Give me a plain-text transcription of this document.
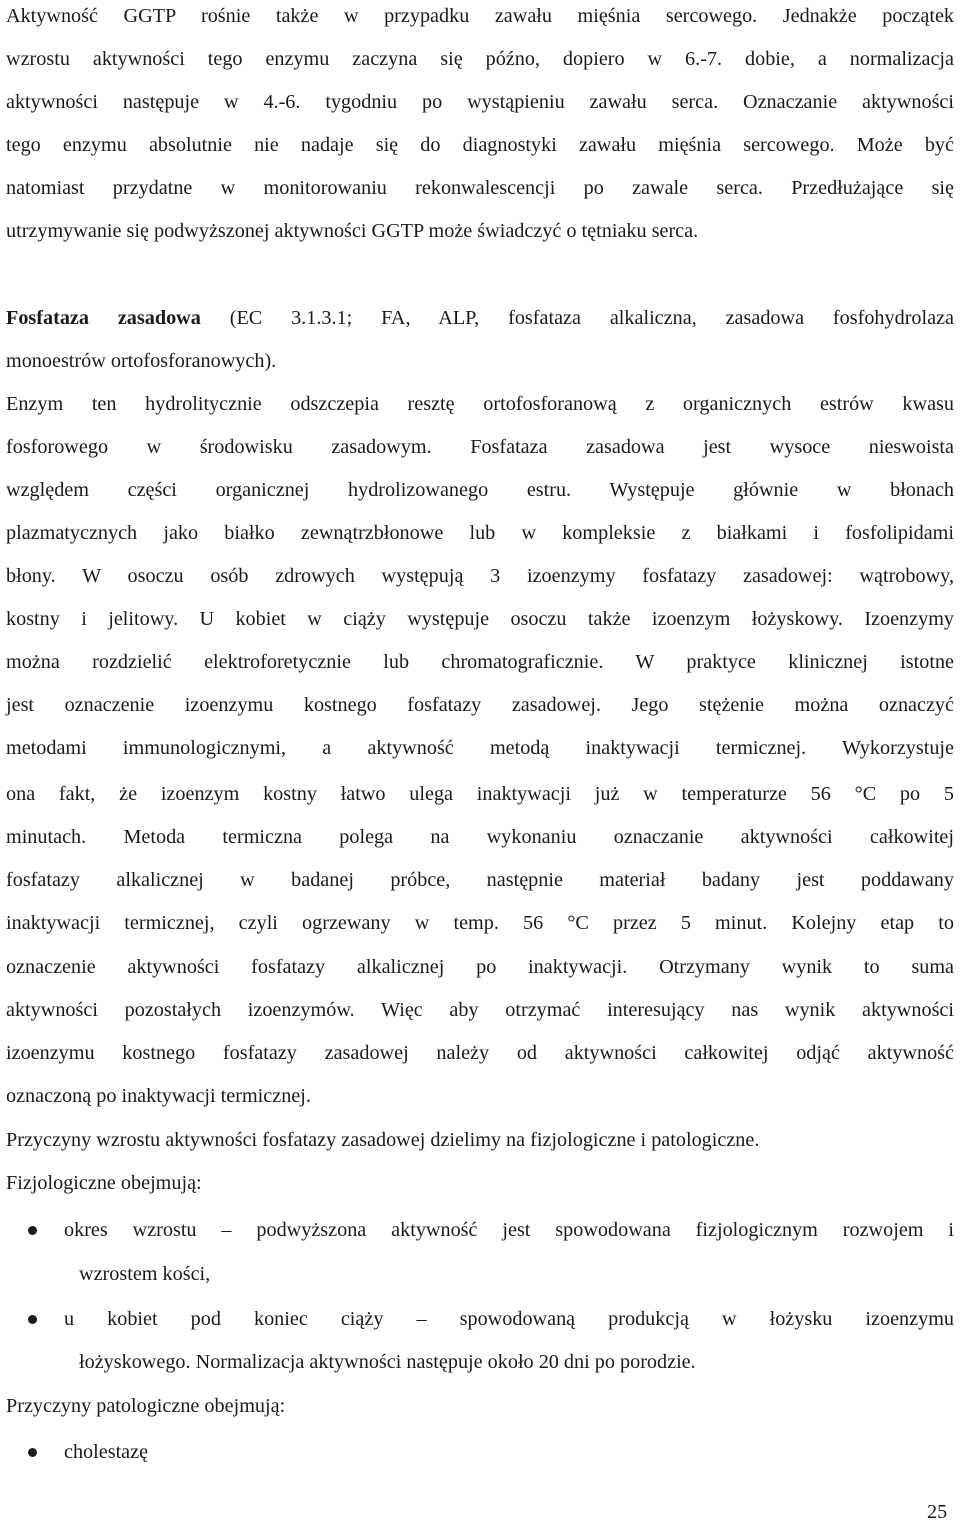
Aktywność GGTP rośnie także w przypadku zawału mięśnia sercowego. Jednakże początek
wzrostu aktywności tego enzymu zaczyna się późno, dopiero w 6.-7. dobie, a normalizacja
aktywności następuje w 4.-6. tygodniu po wystąpieniu zawału serca. Oznaczanie aktywności
tego enzymu absolutnie nie nadaje się do diagnostyki zawału mięśnia sercowego. Może być
natomiast przydatne w monitorowaniu rekonwalescencji po zawale serca. Przedłużające się
utrzymywanie się podwyższonej aktywności GGTP może świadczyć o tętniaku serca.
Fosfataza zasadowa (EC 3.1.3.1; FA, ALP, fosfataza alkaliczna, zasadowa fosfohydrolaza
monoestrów ortofosforanowych).
Enzym ten hydrolitycznie odszczepia resztę ortofosforanową z organicznych estrów kwasu
fosforowego w środowisku zasadowym. Fosfataza zasadowa jest wysoce nieswoista
względem części organicznej hydrolizowanego estru. Występuje głównie w błonach
plazmatycznych jako białko zewnątrzbłonowe lub w kompleksie z białkami i fosfolipidami
błony. W osoczu osób zdrowych występują 3 izoenzymy fosfatazy zasadowej: wątrobowy,
kostny i jelitowy. U kobiet w ciąży występuje osoczu także izoenzym łożyskowy. Izoenzymy
można rozdzielić elektroforetycznie lub chromatograficznie. W praktyce klinicznej istotne
jest oznaczenie izoenzymu kostnego fosfatazy zasadowej. Jego stężenie można oznaczyć
metodami immunologicznymi, a aktywność metodą inaktywacji termicznej. Wykorzystuje
ona fakt, że izoenzym kostny łatwo ulega inaktywacji już w temperaturze 56 °C po 5
minutach. Metoda termiczna polega na wykonaniu oznaczanie aktywności całkowitej
fosfatazy alkalicznej w badanej próbce, następnie materiał badany jest poddawany
inaktywacji termicznej, czyli ogrzewany w temp. 56 °C przez 5 minut. Kolejny etap to
oznaczenie aktywności fosfatazy alkalicznej po inaktywacji. Otrzymany wynik to suma
aktywności pozostałych izoenzymów. Więc aby otrzymać interesujący nas wynik aktywności
izoenzymu kostnego fosfatazy zasadowej należy od aktywności całkowitej odjąć aktywność
oznaczoną po inaktywacji termicznej.
Przyczyny wzrostu aktywności fosfatazy zasadowej dzielimy na fizjologiczne i patologiczne.
Fizjologiczne obejmują:
okres wzrostu – podwyższona aktywność jest spowodowana fizjologicznym rozwojem i
wzrostem kości,
u kobiet pod koniec ciąży – spowodowaną produkcją w łożysku izoenzymu
łożyskowego. Normalizacja aktywności następuje około 20 dni po porodzie.
Przyczyny patologiczne obejmują:
cholestazę
25
